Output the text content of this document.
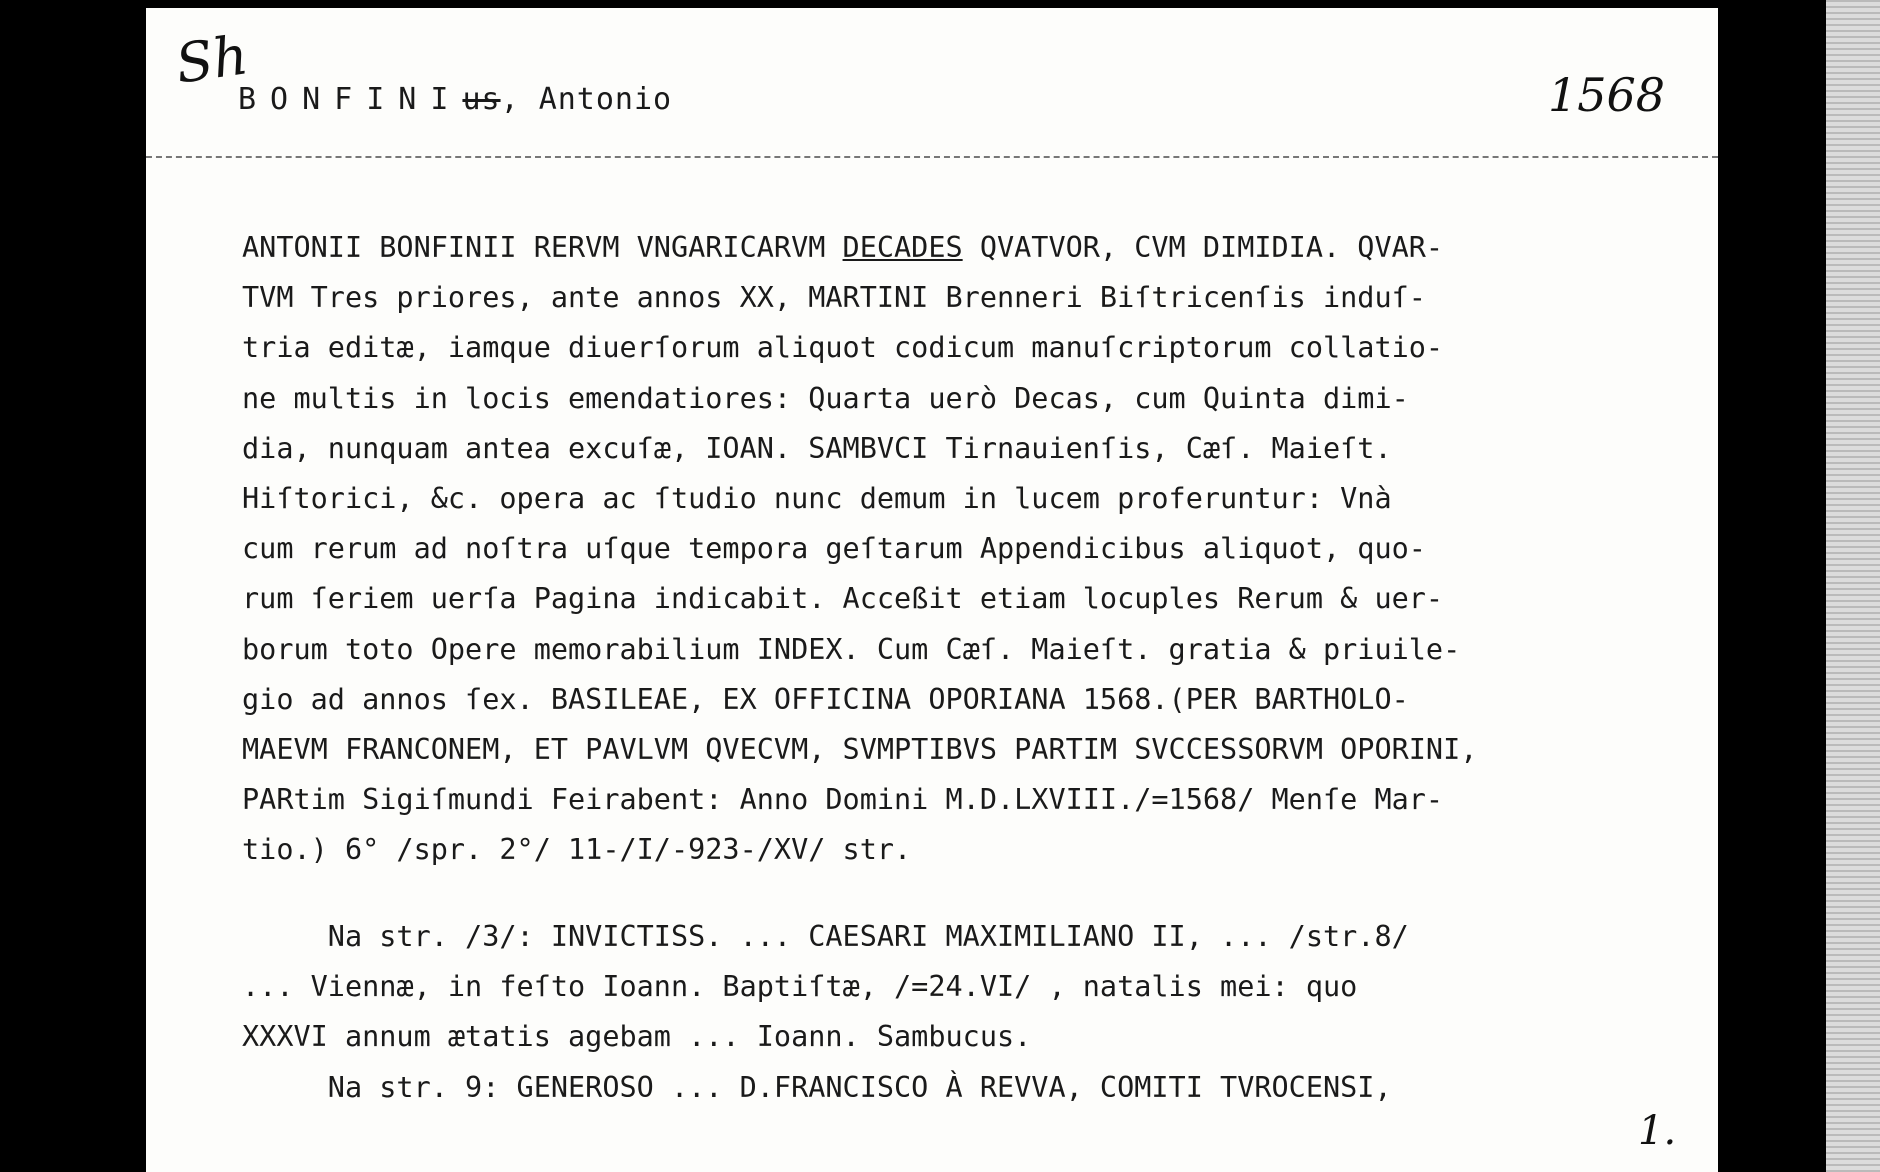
Sh
BONFINIus, Antonio	1568
ANTONII BONFINII RERVM VNGARICARVM DECADES QVATVOR, CVM DIMIDIA. QVAR-
TVM Tres priores, ante annos XX, MARTINI Brenneri Biſtricenſis induſ-
tria editæ, iamque diuerſorum aliquot codicum manuſcriptorum collatio-
ne multis in locis emendatiores: Quarta uerò Decas, cum Quinta dimi-
dia, nunquam antea excuſæ, IOAN. SAMBVCI Tirnauienſis, Cæſ. Maieſt.
Hiſtorici, &c. opera ac ſtudio nunc demum in lucem proferuntur: Vnà
cum rerum ad noſtra uſque tempora geſtarum Appendicibus aliquot, quo-
rum ſeriem uerſa Pagina indicabit. Acceßit etiam locuples Rerum & uer-
borum toto Opere memorabilium INDEX. Cum Cæſ. Maieſt. gratia & priuile-
gio ad annos ſex. BASILEAE, EX OFFICINA OPORIANA 1568.(PER BARTHOLO-
MAEVM FRANCONEM, ET PAVLVM QVECVM, SVMPTIBVS PARTIM SVCCESSORVM OPORINI,
PARtim Sigiſmundi Feirabent: Anno Domini M.D.LXVIII./=1568/ Menſe Mar-
tio.) 6° /spr. 2°/ 11-/I/-923-/XV/ str.
Na str. /3/: INVICTISS. ... CAESARI MAXIMILIANO II, ... /str.8/
... Viennæ, in feſto Ioann. Baptiſtæ, /=24.VI/ , natalis mei: quo
XXXVI annum ætatis agebam ... Ioann. Sambucus.
Na str. 9: GENEROSO ... D.FRANCISCO À REVVA, COMITI TVROCENSI,
1.
